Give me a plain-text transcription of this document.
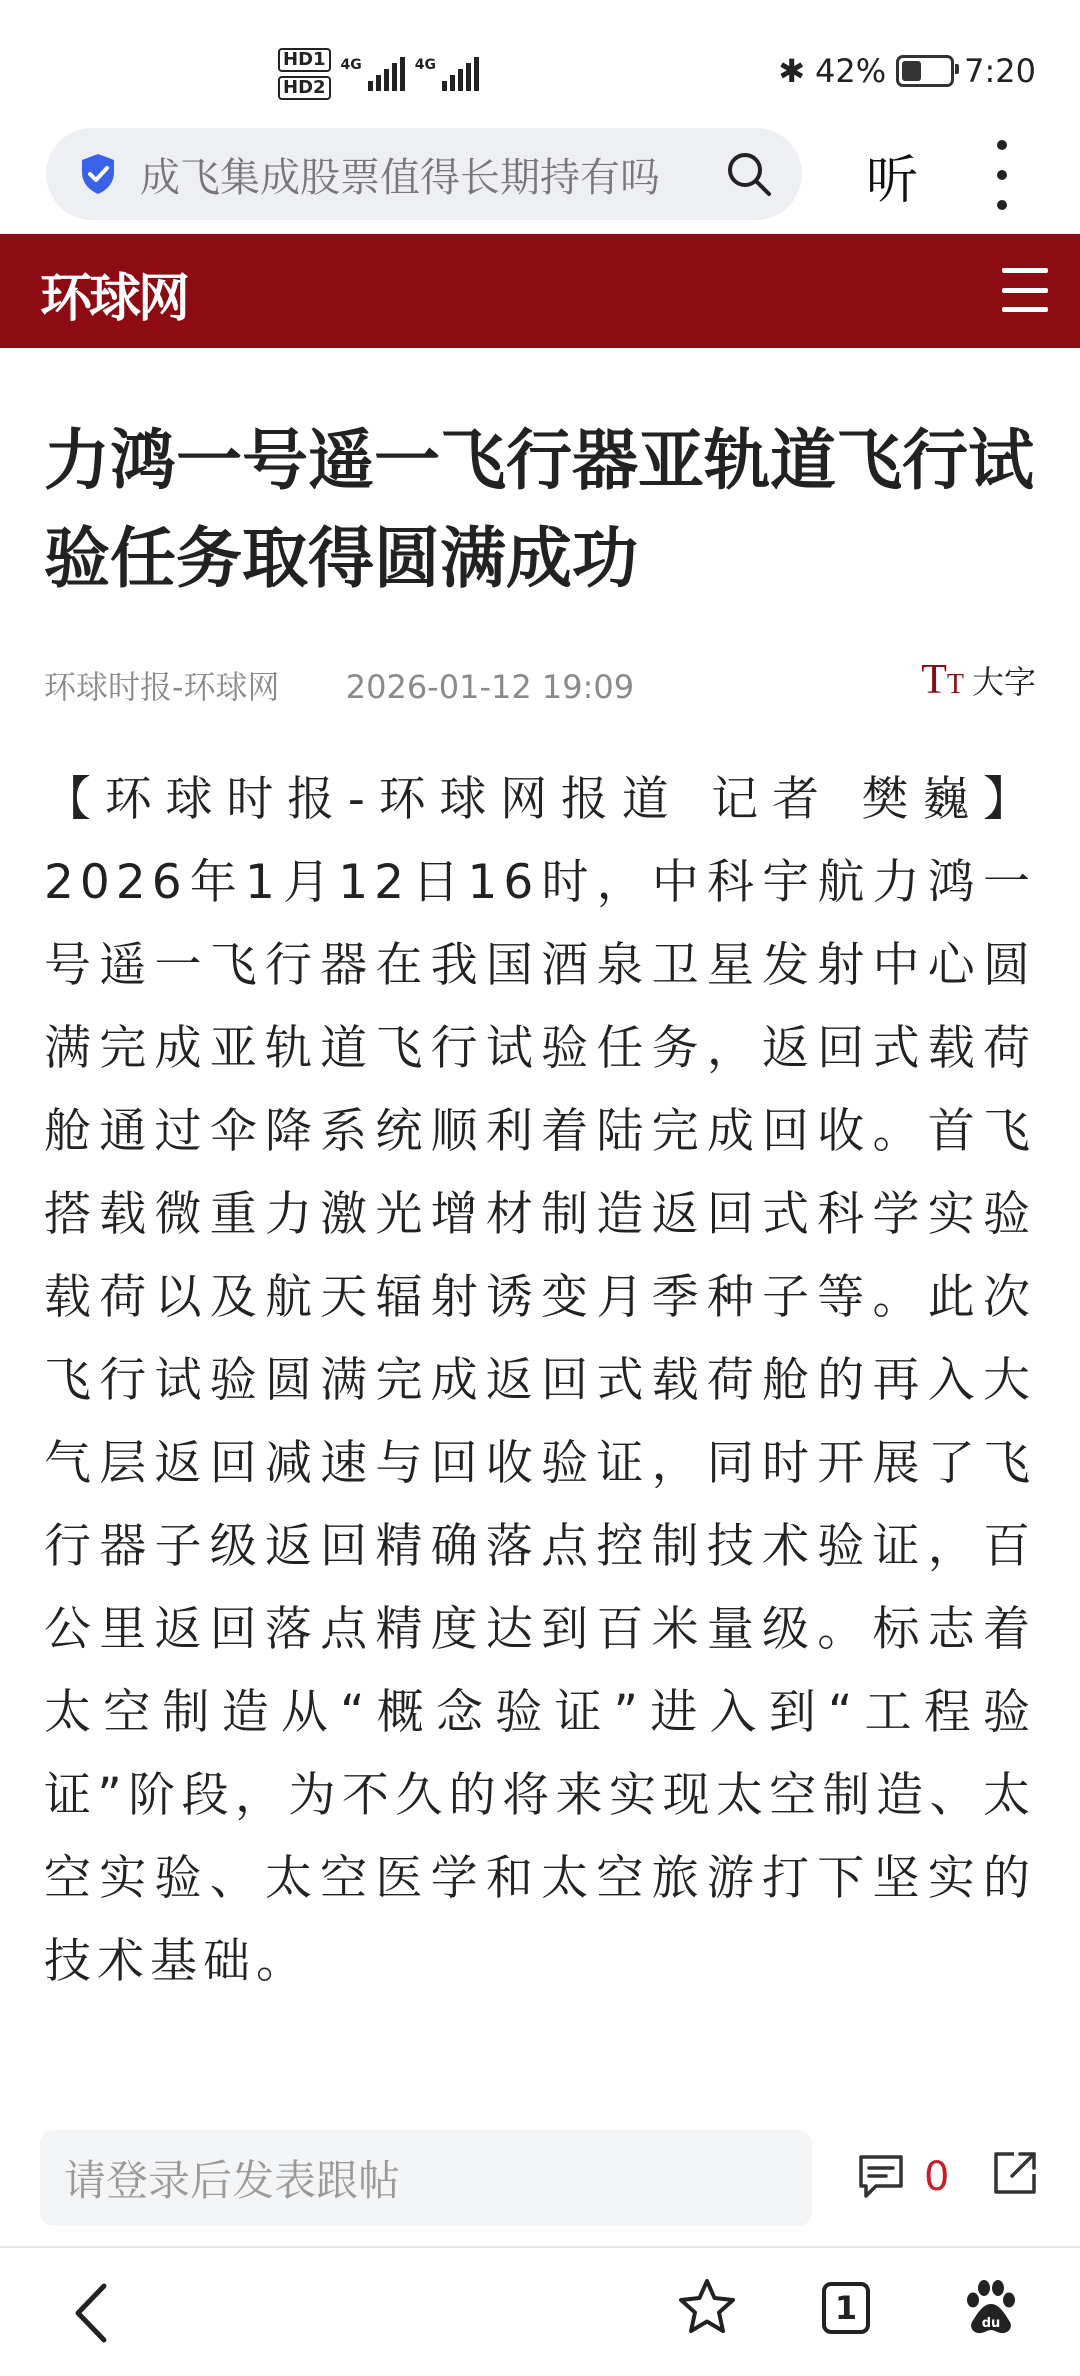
HD1
HD2
4G	4G	✱ 42% 7:20
成飞集成股票值得长期持有吗	听
环球网
力鸿一号遥一飞行器亚轨道飞行试验任务取得圆满成功
环球时报-环球网 2026-01-12 19:09	TT 大字

【环球时报-环球网报道 记者 樊巍】2026年1月12日16时，中科宇航力鸿一号遥一飞行器在我国酒泉卫星发射中心圆满完成亚轨道飞行试验任务，返回式载荷舱通过伞降系统顺利着陆完成回收。首飞搭载微重力激光增材制造返回式科学实验载荷以及航天辐射诱变月季种子等。此次飞行试验圆满完成返回式载荷舱的再入大气层返回减速与回收验证，同时开展了飞行器子级返回精确落点控制技术验证，百公里返回落点精度达到百米量级。标志着太空制造从“概念验证”进入到“工程验证”阶段，为不久的将来实现太空制造、太空实验、太空医学和太空旅游打下坚实的技术基础。

请登录后发表跟帖	0
1	du
